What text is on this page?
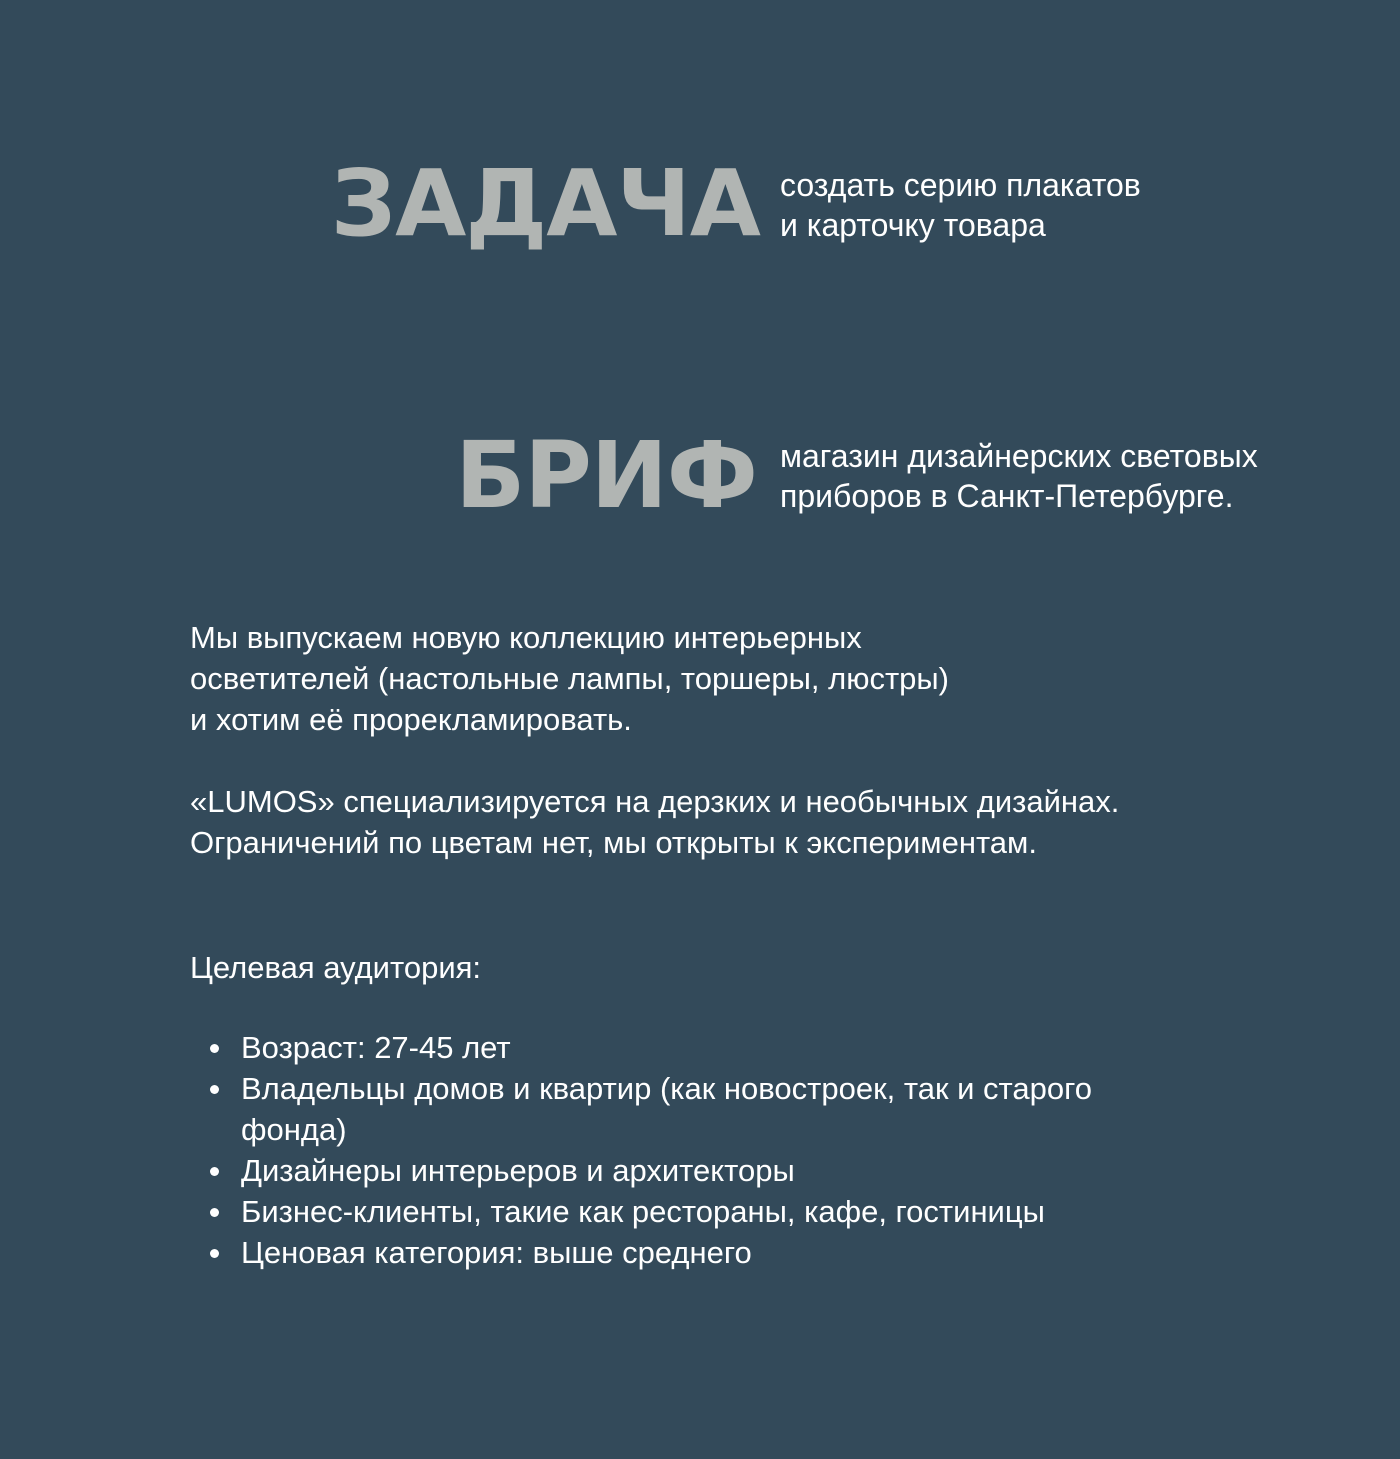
ЗАДАЧА создать серию плакатов
и карточку товара
БРИФ магазин дизайнерских световых
приборов в Санкт-Петербурге.
Мы выпускаем новую коллекцию интерьерных
осветителей (настольные лампы, торшеры, люстры)
и хотим её прорекламировать.
«LUMOS» специализируется на дерзких и необычных дизайнах.
Ограничений по цветам нет, мы открыты к экспериментам.
Целевая аудитория:
Возраст: 27-45 лет
Владельцы домов и квартир (как новостроек, так и старого
фонда)
Дизайнеры интерьеров и архитекторы
Бизнес-клиенты, такие как рестораны, кафе, гостиницы
Ценовая категория: выше среднего
